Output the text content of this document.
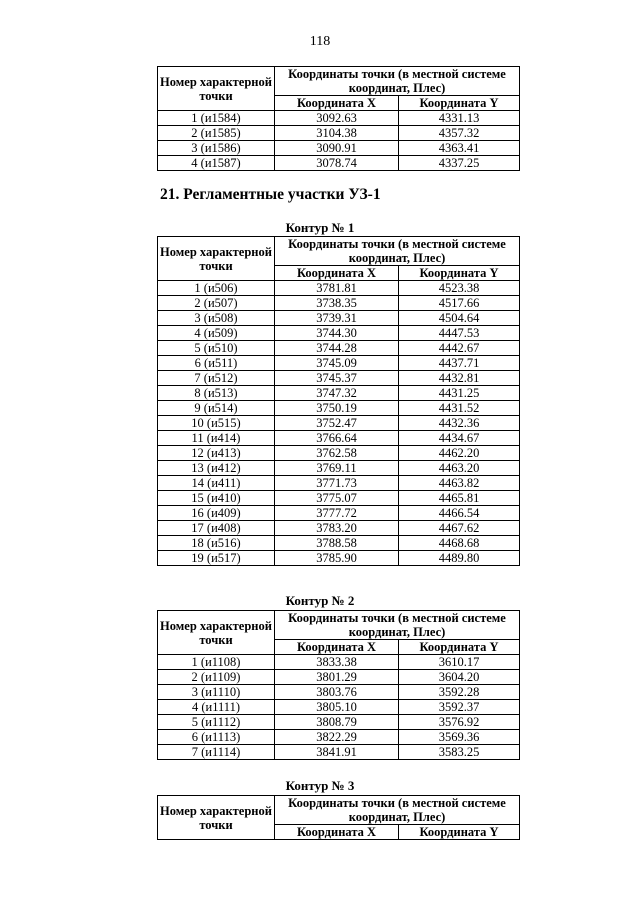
118
Номер характерной точки	Координаты точки (в местной системе координат, Плес)	
	Координата X	Координата Y
1 (и1584)	3092.63	4331.13
2 (и1585)	3104.38	4357.32
3 (и1586)	3090.91	4363.41
4 (и1587)	3078.74	4337.25
21. Регламентные участки УЗ-1
Контур № 1
Номер характерной точки	Координаты точки (в местной системе координат, Плес)	
	Координата X	Координата Y
1 (и506)	3781.81	4523.38
2 (и507)	3738.35	4517.66
3 (и508)	3739.31	4504.64
4 (и509)	3744.30	4447.53
5 (и510)	3744.28	4442.67
6 (и511)	3745.09	4437.71
7 (и512)	3745.37	4432.81
8 (и513)	3747.32	4431.25
9 (и514)	3750.19	4431.52
10 (и515)	3752.47	4432.36
11 (и414)	3766.64	4434.67
12 (и413)	3762.58	4462.20
13 (и412)	3769.11	4463.20
14 (и411)	3771.73	4463.82
15 (и410)	3775.07	4465.81
16 (и409)	3777.72	4466.54
17 (и408)	3783.20	4467.62
18 (и516)	3788.58	4468.68
19 (и517)	3785.90	4489.80
Контур № 2
Номер характерной точки	Координаты точки (в местной системе координат, Плес)	
	Координата X	Координата Y
1 (и1108)	3833.38	3610.17
2 (и1109)	3801.29	3604.20
3 (и1110)	3803.76	3592.28
4 (и1111)	3805.10	3592.37
5 (и1112)	3808.79	3576.92
6 (и1113)	3822.29	3569.36
7 (и1114)	3841.91	3583.25
Контур № 3
Номер характерной точки	Координаты точки (в местной системе координат, Плес)	
	Координата X	Координата Y
